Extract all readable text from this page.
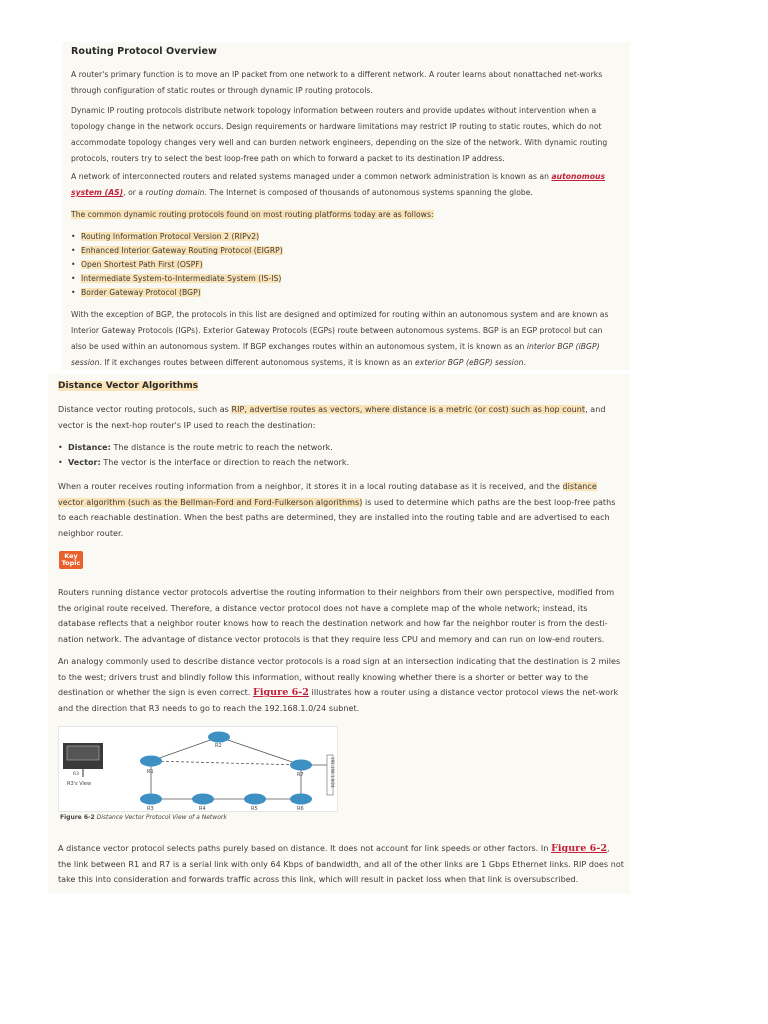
Routing Protocol Overview

A router's primary function is to move an IP packet from one network to a different network. A router learns about nonattached net-works through configuration of static routes or through dynamic IP routing protocols.

Dynamic IP routing protocols distribute network topology information between routers and provide updates without intervention when a topology change in the network occurs. Design requirements or hardware limitations may restrict IP routing to static routes, which do not accommodate topology changes very well and can burden network engineers, depending on the size of the network. With dynamic routing protocols, routers try to select the best loop-free path on which to forward a packet to its destination IP address.

A network of interconnected routers and related systems managed under a common network administration is known as an autonomous system (AS), or a routing domain. The Internet is composed of thousands of autonomous systems spanning the globe.

The common dynamic routing protocols found on most routing platforms today are as follows:

• Routing Information Protocol Version 2 (RIPv2)
• Enhanced Interior Gateway Routing Protocol (EIGRP)
• Open Shortest Path First (OSPF)
• Intermediate System-to-Intermediate System (IS-IS)
• Border Gateway Protocol (BGP)

With the exception of BGP, the protocols in this list are designed and optimized for routing within an autonomous system and are known as Interior Gateway Protocols (IGPs). Exterior Gateway Protocols (EGPs) route between autonomous systems. BGP is an EGP protocol but can also be used within an autonomous system. If BGP exchanges routes within an autonomous system, it is known as an interior BGP (iBGP) session. If it exchanges routes between different autonomous systems, it is known as an exterior BGP (eBGP) session.

Distance Vector Algorithms

Distance vector routing protocols, such as RIP, advertise routes as vectors, where distance is a metric (or cost) such as hop count, and vector is the next-hop router's IP used to reach the destination:

• Distance: The distance is the route metric to reach the network.
• Vector: The vector is the interface or direction to reach the network.

When a router receives routing information from a neighbor, it stores it in a local routing database as it is received, and the distance vector algorithm (such as the Bellman-Ford and Ford-Fulkerson algorithms) is used to determine which paths are the best loop-free paths to each reachable destination. When the best paths are determined, they are installed into the routing table and are advertised to each neighbor router.

Key
Topic

Routers running distance vector protocols advertise the routing information to their neighbors from their own perspective, modified from the original route received. Therefore, a distance vector protocol does not have a complete map of the whole network; instead, its database reflects that a neighbor router knows how to reach the destination network and how far the neighbor router is from the desti-nation network. The advantage of distance vector protocols is that they require less CPU and memory and can run on low-end routers.

An analogy commonly used to describe distance vector protocols is a road sign at an intersection indicating that the destination is 2 miles to the west; drivers trust and blindly follow this information, without really knowing whether there is a shorter or better way to the destination or whether the sign is even correct. Figure 6-2 illustrates how a router using a distance vector protocol views the net-work and the direction that R3 needs to go to reach the 192.168.1.0/24 subnet.

R1
R2
R3	R4	R5	R6
R7	192.168.1.0/24
R3
R3's View
Figure 6-2 Distance Vector Protocol View of a Network

A distance vector protocol selects paths purely based on distance. It does not account for link speeds or other factors. In Figure 6-2, the link between R1 and R7 is a serial link with only 64 Kbps of bandwidth, and all of the other links are 1 Gbps Ethernet links. RIP does not take this into consideration and forwards traffic across this link, which will result in packet loss when that link is oversubscribed.
